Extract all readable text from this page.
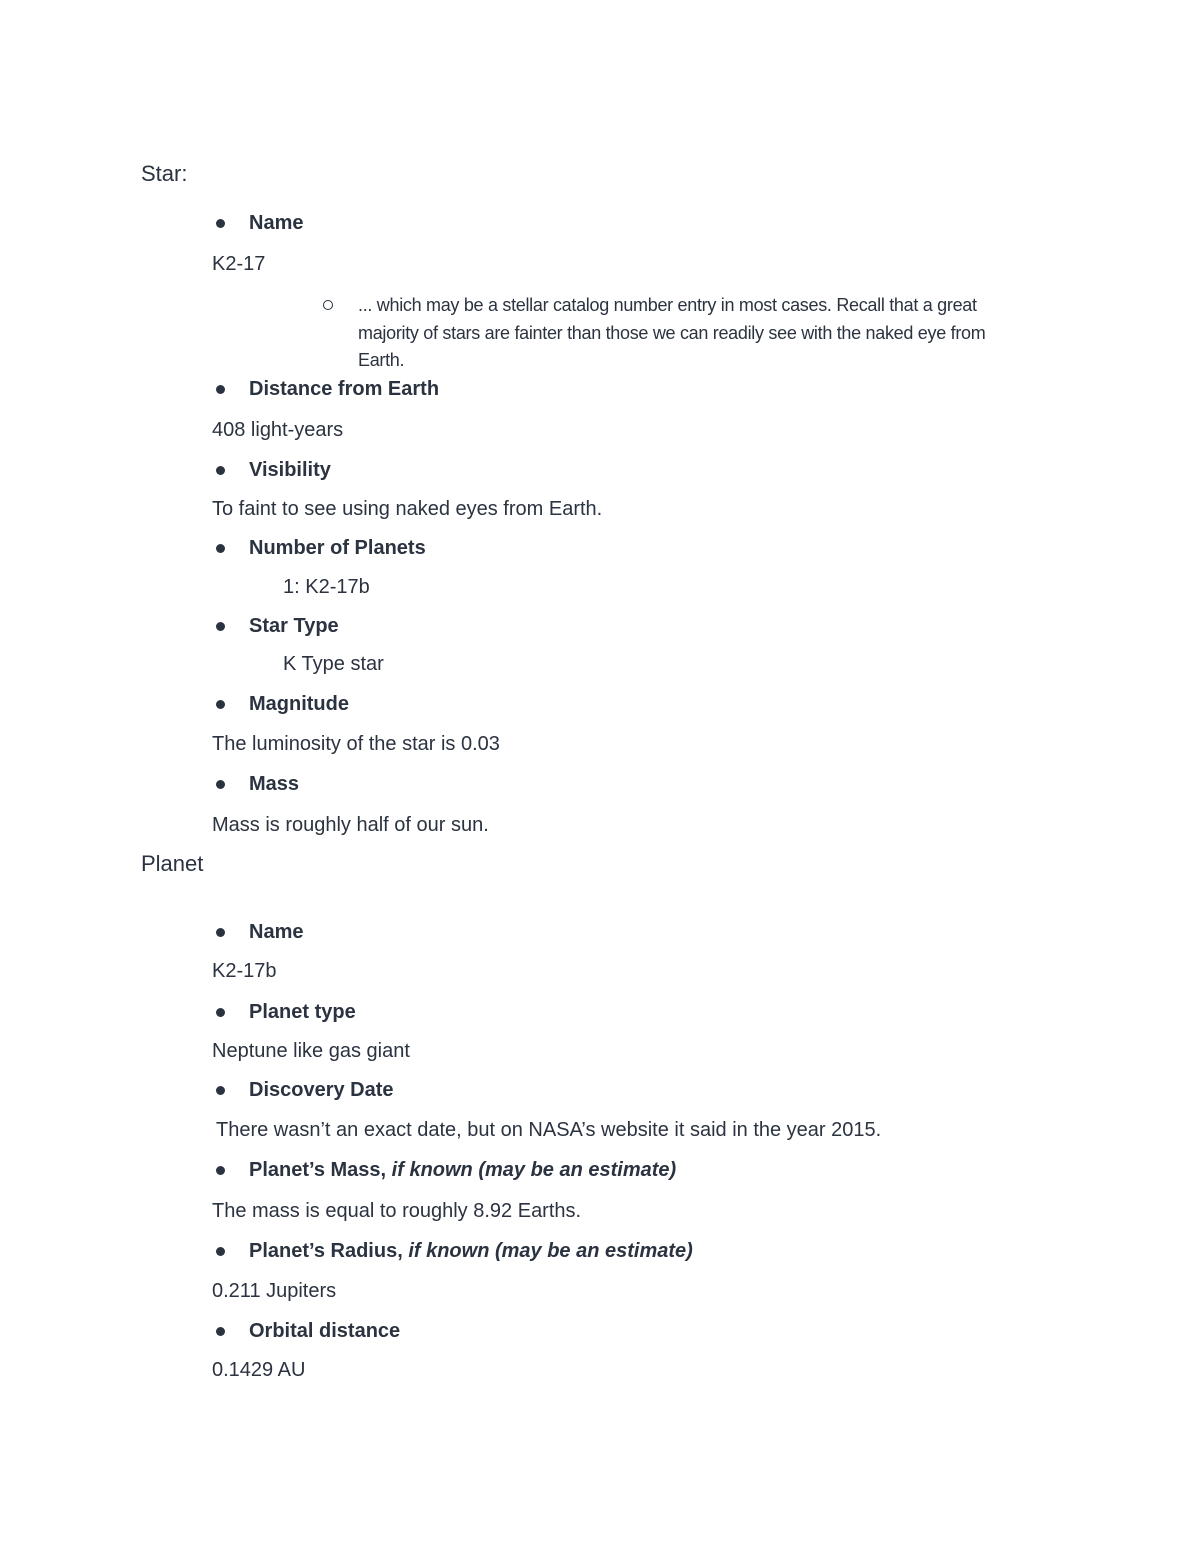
Star:
Name
K2-17
... which may be a stellar catalog number entry in most cases. Recall that a great
majority of stars are fainter than those we can readily see with the naked eye from
Earth.
Distance from Earth
408 light-years
Visibility
To faint to see using naked eyes from Earth.
Number of Planets
1: K2-17b
Star Type
K Type star
Magnitude
The luminosity of the star is 0.03
Mass
Mass is roughly half of our sun.
Planet
Name
K2-17b
Planet type
Neptune like gas giant
Discovery Date
There wasn’t an exact date, but on NASA’s website it said in the year 2015.
Planet’s Mass, if known (may be an estimate)
The mass is equal to roughly 8.92 Earths.
Planet’s Radius, if known (may be an estimate)
0.211 Jupiters
Orbital distance
0.1429 AU
